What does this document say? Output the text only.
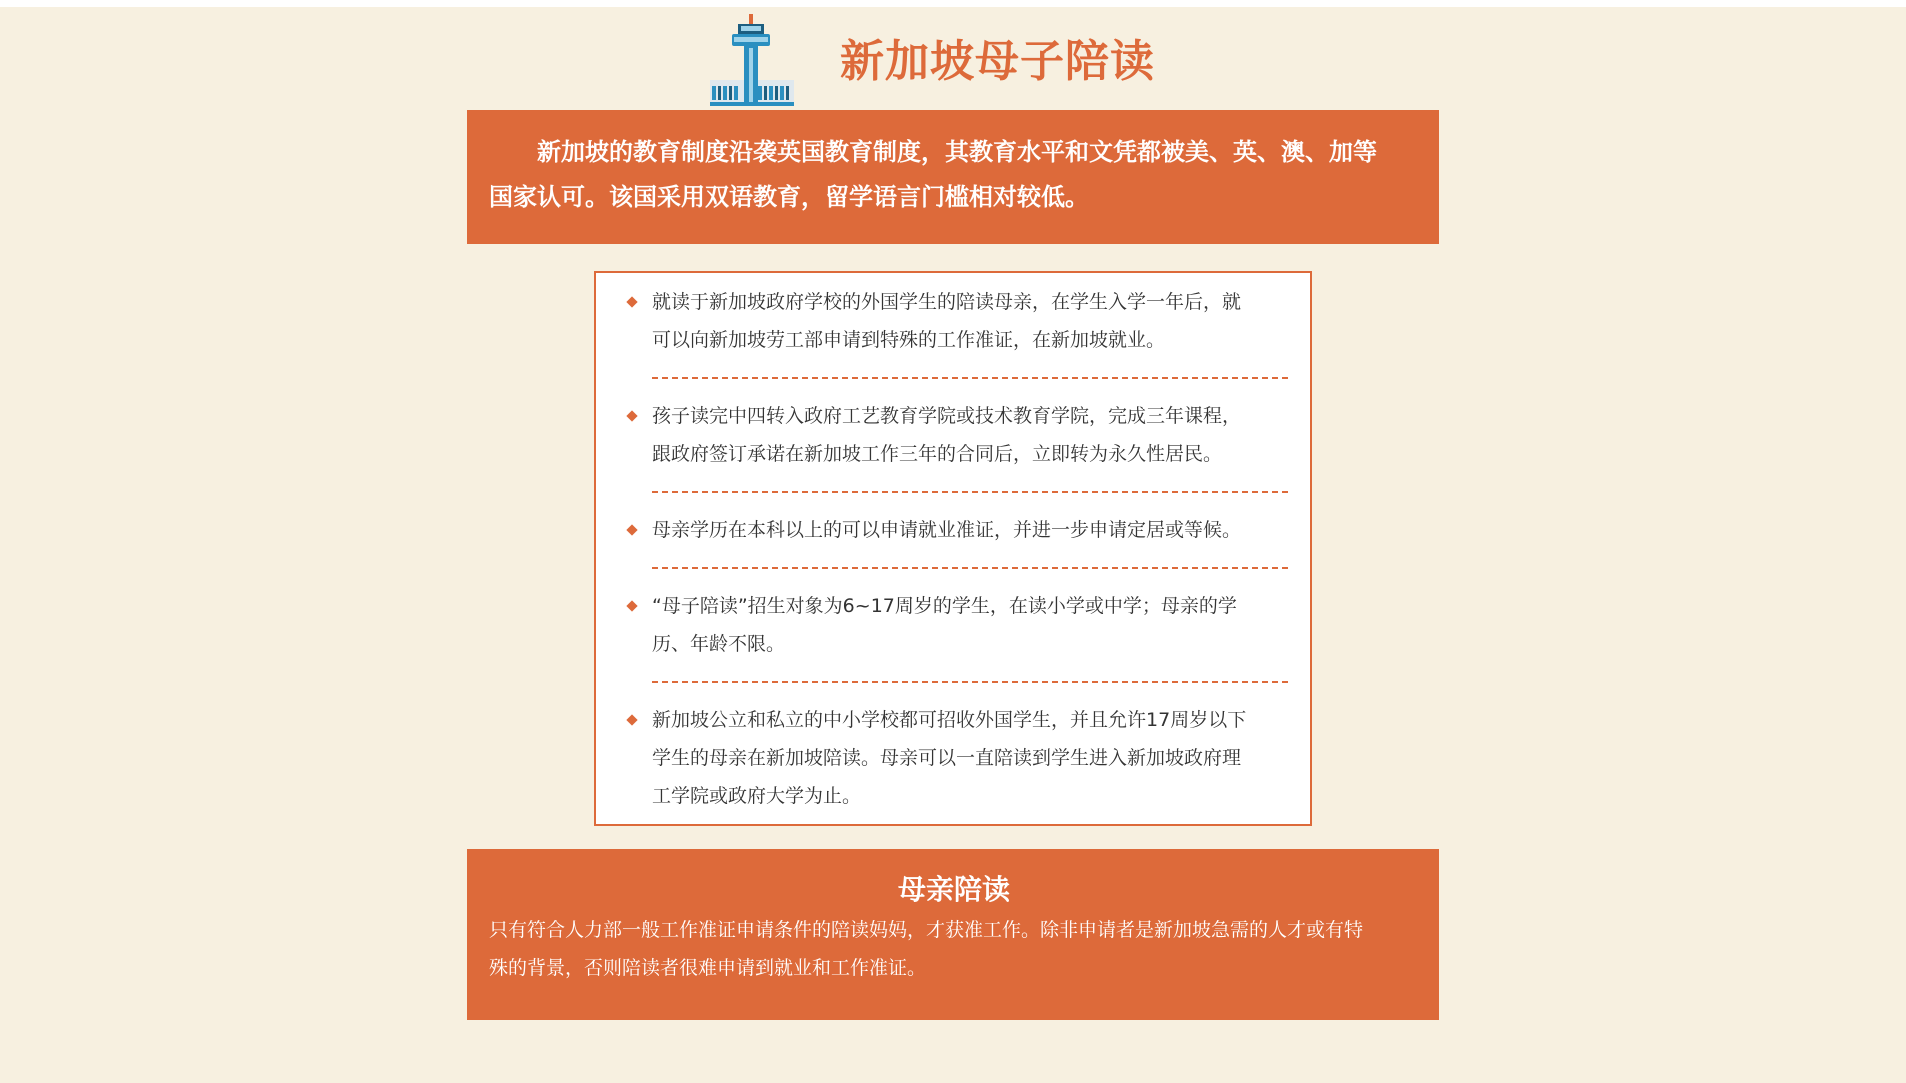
新加坡母子陪读

新加坡的教育制度沿袭英国教育制度，其教育水平和文凭都被美、英、澳、加等
国家认可。该国采用双语教育，留学语言门槛相对较低。

就读于新加坡政府学校的外国学生的陪读母亲，在学生入学一年后，就
可以向新加坡劳工部申请到特殊的工作准证，在新加坡就业。

孩子读完中四转入政府工艺教育学院或技术教育学院，完成三年课程，
跟政府签订承诺在新加坡工作三年的合同后，立即转为永久性居民。

母亲学历在本科以上的可以申请就业准证，并进一步申请定居或等候。

“母子陪读”招生对象为6~17周岁的学生，在读小学或中学；母亲的学
历、年龄不限。

新加坡公立和私立的中小学校都可招收外国学生，并且允许17周岁以下
学生的母亲在新加坡陪读。母亲可以一直陪读到学生进入新加坡政府理
工学院或政府大学为止。

母亲陪读

只有符合人力部一般工作准证申请条件的陪读妈妈，才获准工作。除非申请者是新加坡急需的人才或有特
殊的背景，否则陪读者很难申请到就业和工作准证。
